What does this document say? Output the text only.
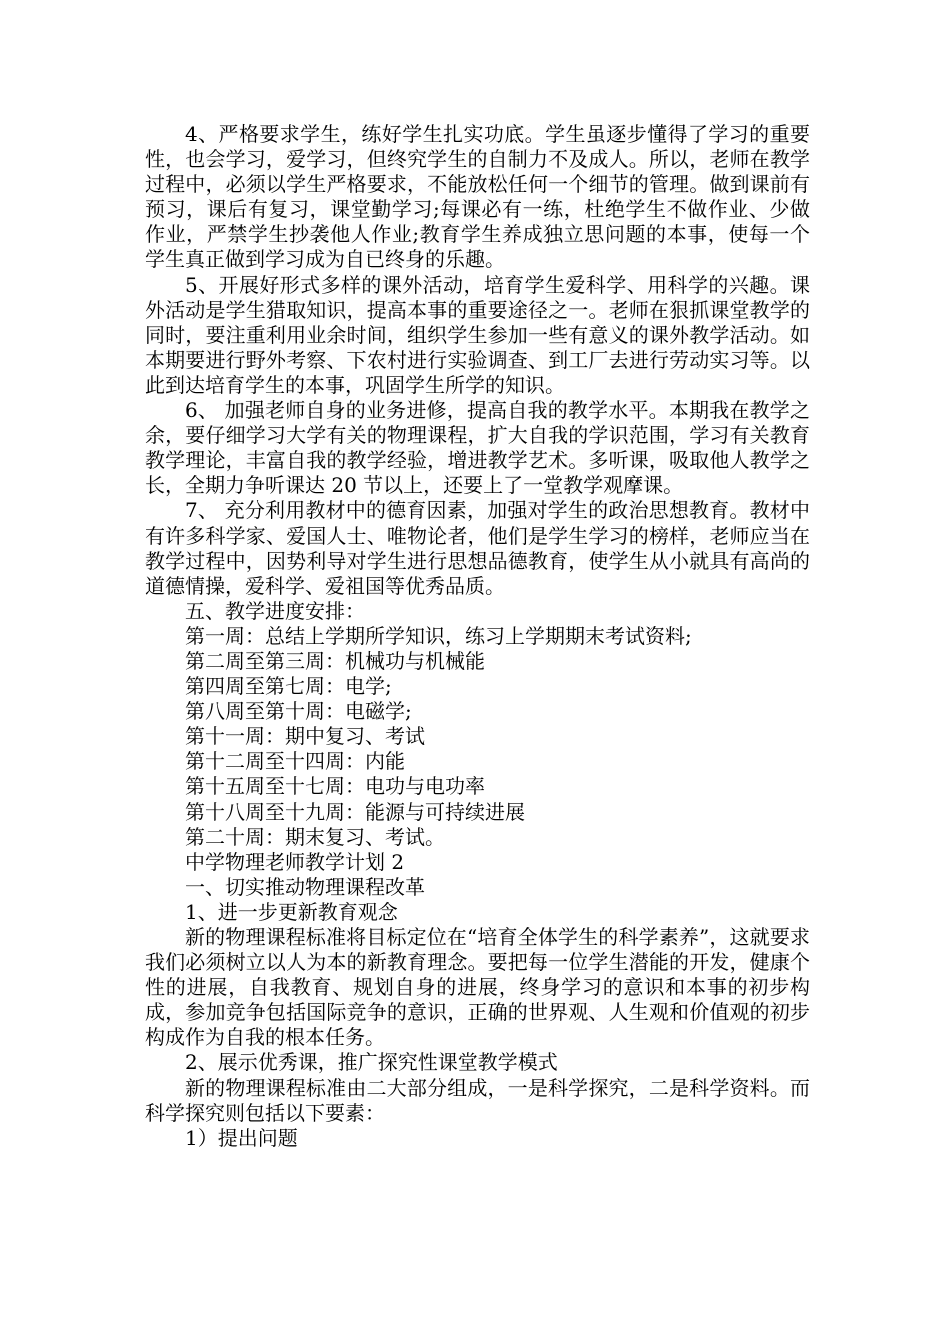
4、严格要求学生，练好学生扎实功底。学生虽逐步懂得了学习的重要性，也会学习，爱学习，但终究学生的自制力不及成人。所以，老师在教学过程中，必须以学生严格要求，不能放松任何一个细节的管理。做到课前有预习，课后有复习，课堂勤学习;每课必有一练，杜绝学生不做作业、少做作业，严禁学生抄袭他人作业;教育学生养成独立思问题的本事，使每一个学生真正做到学习成为自已终身的乐趣。

5、开展好形式多样的课外活动，培育学生爱科学、用科学的兴趣。课外活动是学生猎取知识，提高本事的重要途径之一。老师在狠抓课堂教学的同时，要注重利用业余时间，组织学生参加一些有意义的课外教学活动。如本期要进行野外考察、下农村进行实验调查、到工厂去进行劳动实习等。以此到达培育学生的本事，巩固学生所学的知识。

6、 加强老师自身的业务进修，提高自我的教学水平。本期我在教学之余，要仔细学习大学有关的物理课程，扩大自我的学识范围，学习有关教育教学理论，丰富自我的教学经验，增进教学艺术。多听课，吸取他人教学之长，全期力争听课达 20 节以上，还要上了一堂教学观摩课。

7、 充分利用教材中的德育因素，加强对学生的政治思想教育。教材中有许多科学家、爱国人士、唯物论者，他们是学生学习的榜样，老师应当在教学过程中，因势利导对学生进行思想品德教育，使学生从小就具有高尚的道德情操，爱科学、爱祖国等优秀品质。

五、教学进度安排：

第一周：总结上学期所学知识，练习上学期期末考试资料;

第二周至第三周：机械功与机械能

第四周至第七周：电学;

第八周至第十周：电磁学;

第十一周：期中复习、考试

第十二周至十四周：内能

第十五周至十七周：电功与电功率

第十八周至十九周：能源与可持续进展

第二十周：期末复习、考试。

中学物理老师教学计划 2

一、切实推动物理课程改革

1、进一步更新教育观念

新的物理课程标准将目标定位在“培育全体学生的科学素养”，这就要求我们必须树立以人为本的新教育理念。要把每一位学生潜能的开发，健康个性的进展，自我教育、规划自身的进展，终身学习的意识和本事的初步构成，参加竞争包括国际竞争的意识，正确的世界观、人生观和价值观的初步构成作为自我的根本任务。

2、展示优秀课，推广探究性课堂教学模式

新的物理课程标准由二大部分组成，一是科学探究，二是科学资料。而科学探究则包括以下要素：

1）提出问题
